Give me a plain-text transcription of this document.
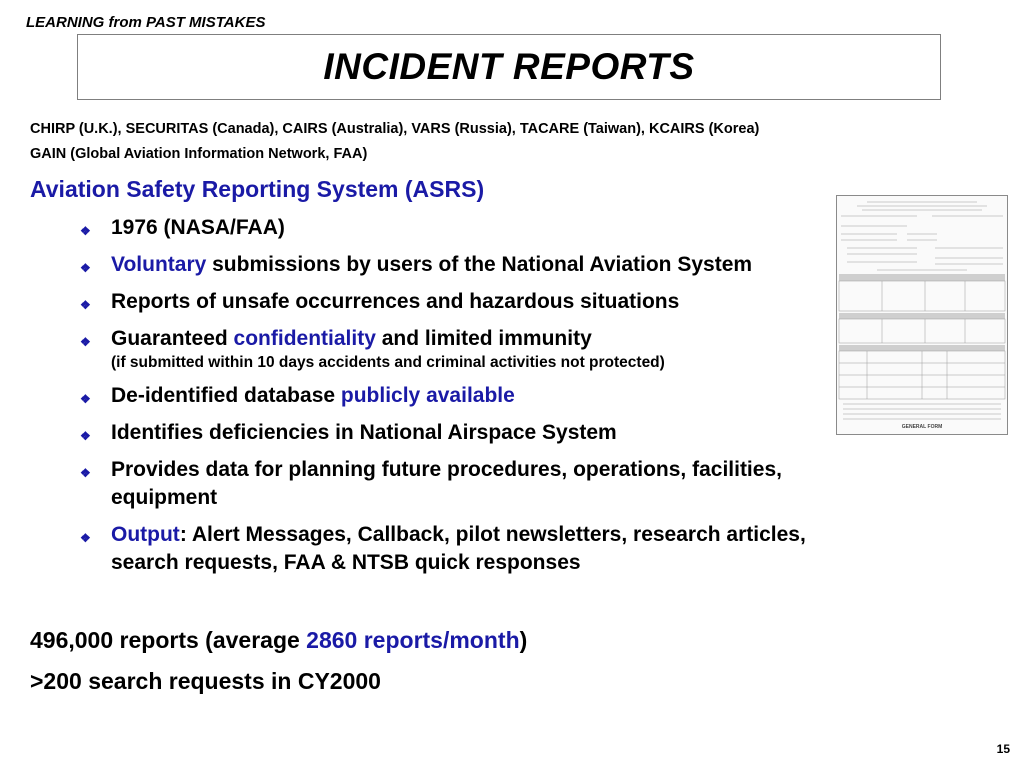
LEARNING from PAST MISTAKES
INCIDENT REPORTS
CHIRP (U.K.), SECURITAS (Canada), CAIRS (Australia), VARS (Russia), TACARE (Taiwan), KCAIRS (Korea)
GAIN (Global Aviation Information Network, FAA)
Aviation Safety Reporting System (ASRS)
❖ 1976 (NASA/FAA)
❖ Voluntary submissions by users of the National Aviation System
❖ Reports of unsafe occurrences and hazardous situations
❖ Guaranteed confidentiality and limited immunity
(if submitted within 10 days accidents and criminal activities not protected)
❖ De-identified database publicly available
❖ Identifies deficiencies in National Airspace System
❖ Provides data for planning future procedures, operations, facilities, equipment
❖ Output: Alert Messages, Callback, pilot newsletters, research articles, search requests, FAA & NTSB quick responses
496,000 reports (average 2860 reports/month)
>200 search requests in CY2000
GENERAL FORM
15
